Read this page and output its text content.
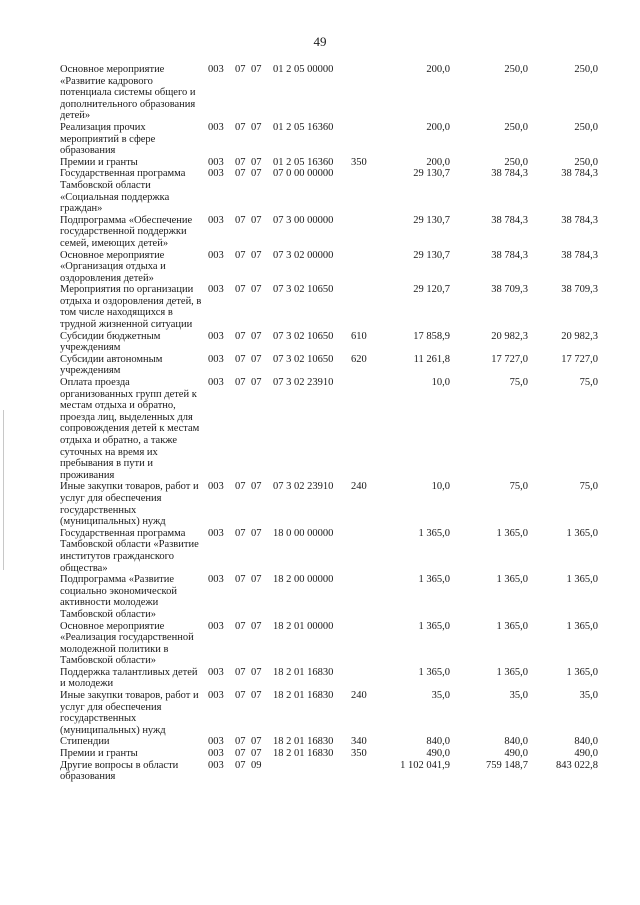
49
Основное мероприятие «Развитие кадрового потенциала системы общего и дополнительного образования детей»
003 07 07 01 2 05 00000	200,0	250,0	250,0
Реализация прочих мероприятий в сфере образования
003 07 07 01 2 05 16360	200,0	250,0	250,0
Премии и гранты	003 07 07 01 2 05 16360 350	200,0	250,0	250,0
Государственная программа Тамбовской области «Социальная поддержка граждан»
003 07 07 07 0 00 00000	29 130,7	38 784,3	38 784,3
Подпрограмма «Обеспечение государственной поддержки семей, имеющих детей»
003 07 07 07 3 00 00000	29 130,7	38 784,3	38 784,3
Основное мероприятие «Организация отдыха и оздоровления детей»
003 07 07 07 3 02 00000	29 130,7	38 784,3	38 784,3
Мероприятия по организации отдыха и оздоровления детей, в том числе находящихся в трудной жизненной ситуации
003 07 07 07 3 02 10650	29 120,7	38 709,3	38 709,3
Субсидии бюджетным учреждениям
003 07 07 07 3 02 10650 610	17 858,9	20 982,3	20 982,3
Субсидии автономным учреждениям
003 07 07 07 3 02 10650 620	11 261,8	17 727,0	17 727,0
Оплата проезда организованных групп детей к местам отдыха и обратно, проезда лиц, выделенных для сопровождения детей к местам отдыха и обратно, а также суточных на время их пребывания в пути и проживания
003 07 07 07 3 02 23910	10,0	75,0	75,0
Иные закупки товаров, работ и услуг для обеспечения государственных (муниципальных) нужд
003 07 07 07 3 02 23910 240	10,0	75,0	75,0
Государственная программа Тамбовской области «Развитие институтов гражданского общества»
003 07 07 18 0 00 00000	1 365,0	1 365,0	1 365,0
Подпрограмма «Развитие социально экономической активности молодежи Тамбовской области»
003 07 07 18 2 00 00000	1 365,0	1 365,0	1 365,0
Основное мероприятие «Реализация государственной молодежной политики в Тамбовской области»
003 07 07 18 2 01 00000	1 365,0	1 365,0	1 365,0
Поддержка талантливых детей и молодежи
003 07 07 18 2 01 16830	1 365,0	1 365,0	1 365,0
Иные закупки товаров, работ и услуг для обеспечения государственных (муниципальных) нужд
003 07 07 18 2 01 16830 240	35,0	35,0	35,0
Стипендии	003 07 07 18 2 01 16830 340	840,0	840,0	840,0
Премии и гранты	003 07 07 18 2 01 16830 350	490,0	490,0	490,0
Другие вопросы в области образования
003 07 09	1 102 041,9	759 148,7	843 022,8
